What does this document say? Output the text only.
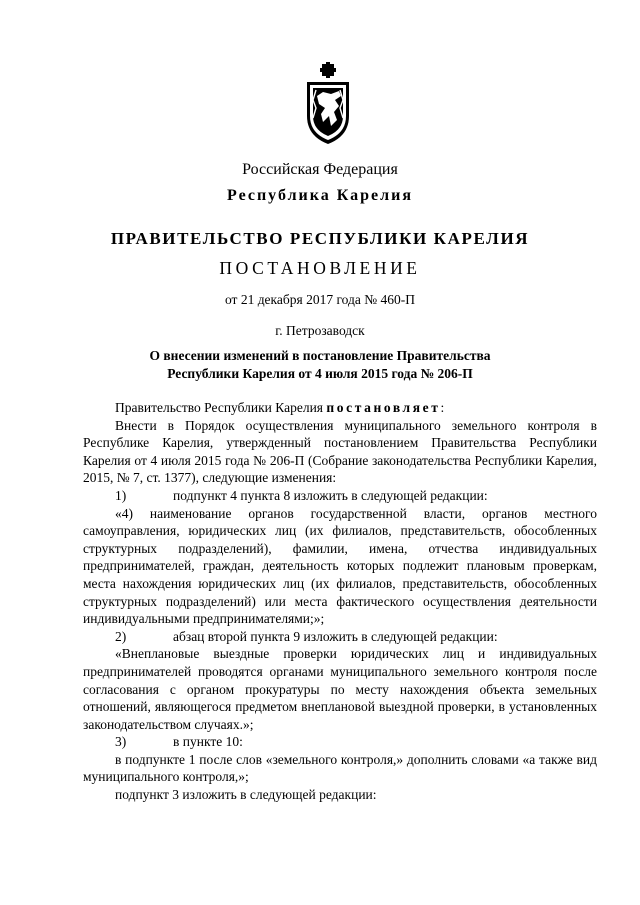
Российская Федерация
Республика Карелия
ПРАВИТЕЛЬСТВО РЕСПУБЛИКИ КАРЕЛИЯ
ПОСТАНОВЛЕНИЕ
от 21 декабря 2017 года № 460-П
г. Петрозаводск
О внесении изменений в постановление Правительства
Республики Карелия от 4 июля 2015 года № 206-П

Правительство Республики Карелия постановляет:

Внести в Порядок осуществления муниципального земельного контроля в Республике Карелия, утвержденный постановлением Правительства Республики Карелия от 4 июля 2015 года № 206-П (Собрание законодательства Республики Карелия, 2015, № 7, ст. 1377), следующие изменения:

1)	подпункт 4 пункта 8 изложить в следующей редакции:

«4) наименование органов государственной власти, органов местного самоуправления, юридических лиц (их филиалов, представительств, обособленных структурных подразделений), фамилии, имена, отчества индивидуальных предпринимателей, граждан, деятельность которых подлежит плановым проверкам, места нахождения юридических лиц (их филиалов, представительств, обособленных структурных подразделений) или места фактического осуществления деятельности индивидуальными предпринимателями;»;

2)	абзац второй пункта 9 изложить в следующей редакции:

«Внеплановые выездные проверки юридических лиц и индивидуальных предпринимателей проводятся органами муниципального земельного контроля после согласования с органом прокуратуры по месту нахождения объекта земельных отношений, являющегося предметом внеплановой выездной проверки, в установленных законодательством случаях.»;

3)	в пункте 10:

в подпункте 1 после слов «земельного контроля,» дополнить словами «а также вид муниципального контроля,»;

подпункт 3 изложить в следующей редакции:
